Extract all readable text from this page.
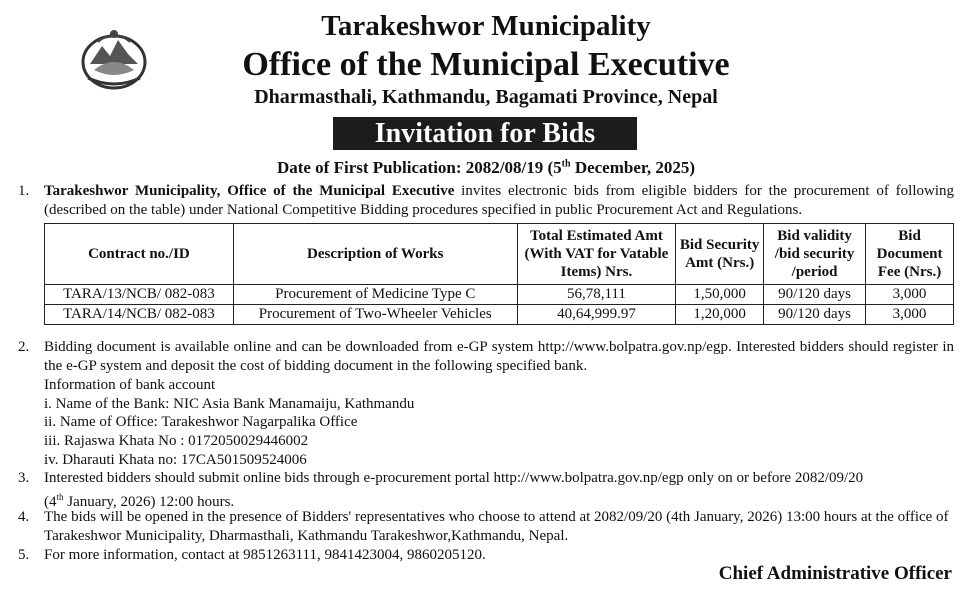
Tarakeshwor Municipality
Office of the Municipal Executive
Dharmasthali, Kathmandu, Bagamati Province, Nepal
Invitation for Bids
Date of First Publication: 2082/08/19 (5th December, 2025)
1. Tarakeshwor Municipality, Office of the Municipal Executive invites electronic bids from eligible bidders for the procurement of following (described on the table) under National Competitive Bidding procedures specified in public Procurement Act and Regulations.
Contract no./ID	Description of Works	Total Estimated Amt (With VAT for Vatable Items) Nrs.	Bid Security Amt (Nrs.)	Bid validity /bid security /period	Bid Document Fee (Nrs.)
TARA/13/NCB/ 082-083	Procurement of Medicine Type C	56,78,111	1,50,000	90/120 days	3,000
TARA/14/NCB/ 082-083	Procurement of Two-Wheeler Vehicles	40,64,999.97	1,20,000	90/120 days	3,000
2. Bidding document is available online and can be downloaded from e-GP system http://www.bolpatra.gov.np/egp. Interested bidders should register in the e-GP system and deposit the cost of bidding document in the following specified bank.
Information of bank account
i. Name of the Bank: NIC Asia Bank Manamaiju, Kathmandu
ii. Name of Office: Tarakeshwor Nagarpalika Office
iii. Rajaswa Khata No : 0172050029446002
iv. Dharauti Khata no: 17CA501509524006
3. Interested bidders should submit online bids through e-procurement portal http://www.bolpatra.gov.np/egp only on or before 2082/09/20
(4th January, 2026) 12:00 hours.
4. The bids will be opened in the presence of Bidders' representatives who choose to attend at 2082/09/20 (4th January, 2026) 13:00 hours at the office of Tarakeshwor Municipality, Dharmasthali, Kathmandu Tarakeshwor,Kathmandu, Nepal.
5. For more information, contact at 9851263111, 9841423004, 9860205120.
Chief Administrative Officer
